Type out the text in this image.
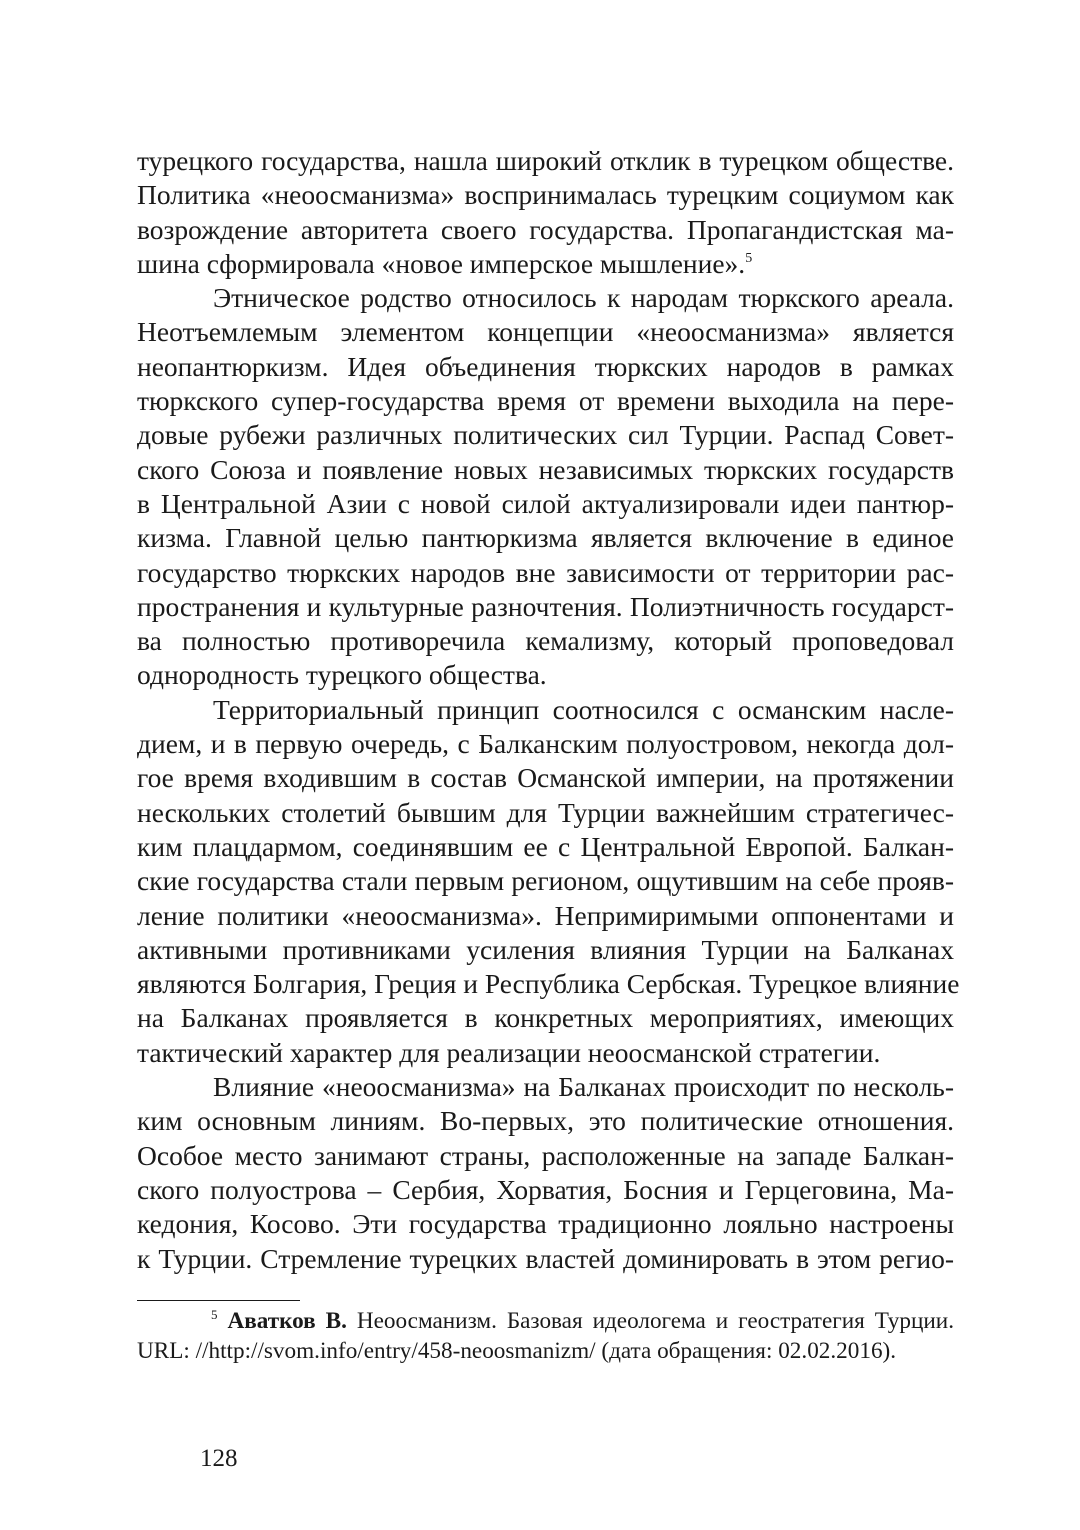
турецкого государства, нашла широкий отклик в турецком обществе.
Политика «неоосманизма» воспринималась турецким социумом как
возрождение авторитета своего государства. Пропагандистская ма-
шина сформировала «новое имперское мышление».$^5$
Этническое родство относилось к народам тюркского ареала.
Неотъемлемым элементом концепции «неоосманизма» является
неопантюркизм. Идея объединения тюркских народов в рамках
тюркского супер-государства время от времени выходила на пере-
довые рубежи различных политических сил Турции. Распад Совет-
ского Союза и появление новых независимых тюркских государств
в Центральной Азии с новой силой актуализировали идеи пантюр-
кизма. Главной целью пантюркизма является включение в единое
государство тюркских народов вне зависимости от территории рас-
пространения и культурные разночтения. Полиэтничность государст-
ва полностью противоречила кемализму, который проповедовал
однородность турецкого общества.
Территориальный принцип соотносился с османским насле-
дием, и в первую очередь, с Балканским полуостровом, некогда дол-
гое время входившим в состав Османской империи, на протяжении
нескольких столетий бывшим для Турции важнейшим стратегичес-
ким плацдармом, соединявшим ее с Центральной Европой. Балкан-
ские государства стали первым регионом, ощутившим на себе прояв-
ление политики «неоосманизма». Непримиримыми оппонентами и
активными противниками усиления влияния Турции на Балканах
являются Болгария, Греция и Республика Сербская. Турецкое влияние
на Балканах проявляется в конкретных мероприятиях, имеющих
тактический характер для реализации неоосманской стратегии.
Влияние «неоосманизма» на Балканах происходит по несколь-
ким основным линиям. Во-первых, это политические отношения.
Особое место занимают страны, расположенные на западе Балкан-
ского полуострова – Сербия, Хорватия, Босния и Герцеговина, Ма-
кедония, Косово. Эти государства традиционно лояльно настроены
к Турции. Стремление турецких властей доминировать в этом регио-
$^5$ Аватков В. Неоосманизм. Базовая идеологема и геостратегия Турции.
URL: //http://svom.info/entry/458-neoosmanizm/ (дата обращения: 02.02.2016).
128
